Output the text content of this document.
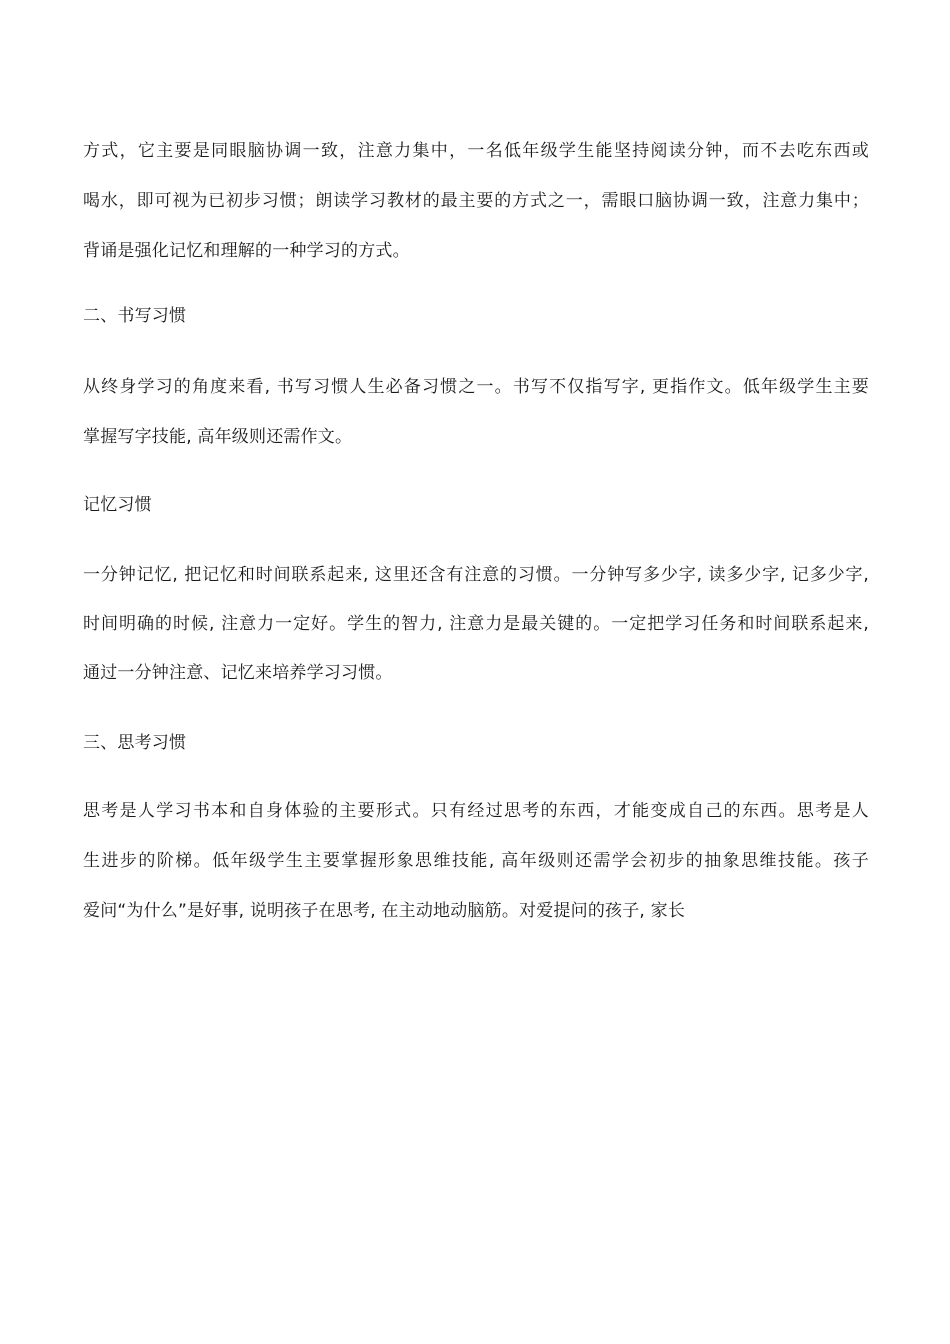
方式，它主要是同眼脑协调一致，注意力集中，一名低年级学生能坚持阅读分钟，而不去吃东西或
喝水，即可视为已初步习惯；朗读学习教材的最主要的方式之一，需眼口脑协调一致，注意力集中；
背诵是强化记忆和理解的一种学习的方式。
二、书写习惯
从终身学习的角度来看, 书写习惯人生必备习惯之一。书写不仅指写字, 更指作文。低年级学生主要
掌握写字技能, 高年级则还需作文。
记忆习惯
一分钟记忆, 把记忆和时间联系起来, 这里还含有注意的习惯。一分钟写多少字, 读多少字, 记多少字,
时间明确的时候, 注意力一定好。学生的智力, 注意力是最关键的。一定把学习任务和时间联系起来,
通过一分钟注意、记忆来培养学习习惯。
三、思考习惯
思考是人学习书本和自身体验的主要形式。只有经过思考的东西，才能变成自己的东西。思考是人
生进步的阶梯。低年级学生主要掌握形象思维技能, 高年级则还需学会初步的抽象思维技能。孩子
爱问“为什么”是好事, 说明孩子在思考, 在主动地动脑筋。对爱提问的孩子, 家长
